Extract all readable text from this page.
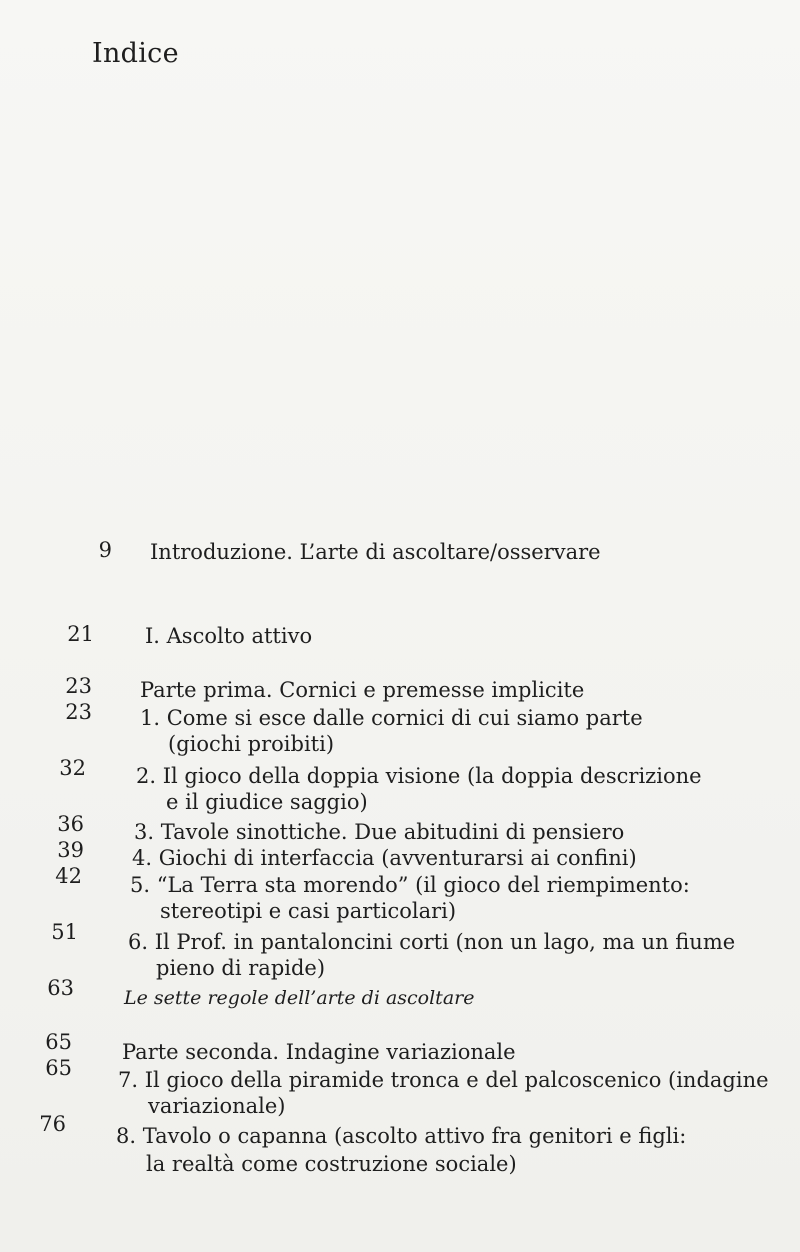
Indice
9 Introduzione. L’arte di ascoltare/osservare
21 I. Ascolto attivo
23 Parte prima. Cornici e premesse implicite
23 1. Come si esce dalle cornici di cui siamo parte
(giochi proibiti)
32 2. Il gioco della doppia visione (la doppia descrizione
e il giudice saggio)
36 3. Tavole sinottiche. Due abitudini di pensiero
39 4. Giochi di interfaccia (avventurarsi ai confini)
42 5. “La Terra sta morendo” (il gioco del riempimento:
stereotipi e casi particolari)
51 6. Il Prof. in pantaloncini corti (non un lago, ma un fiume
pieno di rapide)
63	Le sette regole dell’arte di ascoltare
65 Parte seconda. Indagine variazionale
65 7. Il gioco della piramide tronca e del palcoscenico (indagine
variazionale)
76 8. Tavolo o capanna (ascolto attivo fra genitori e figli:
la realtà come costruzione sociale)
